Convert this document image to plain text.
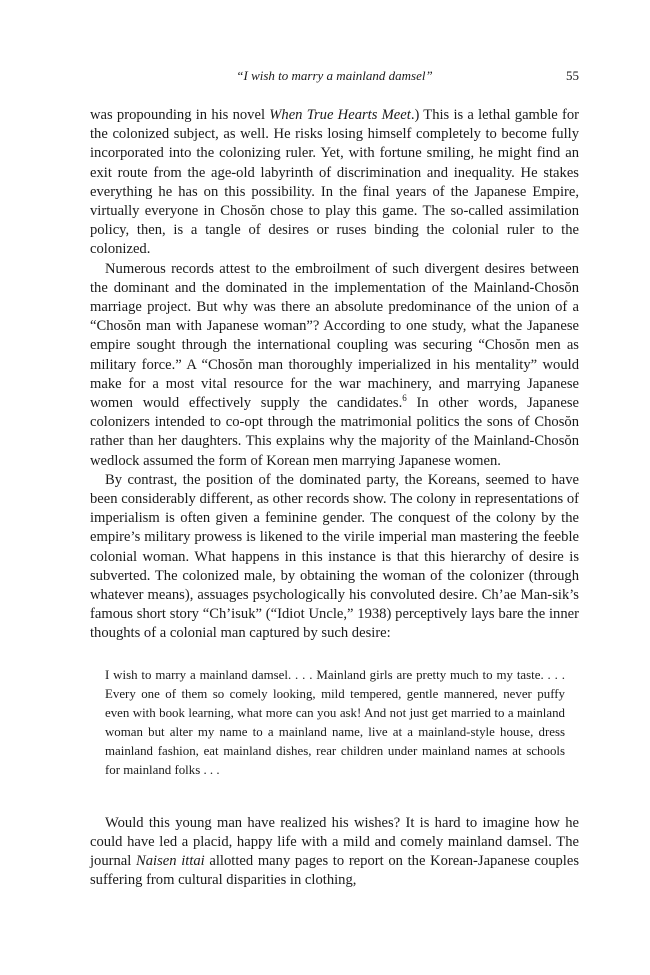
“I wish to marry a mainland damsel”	55

was propounding in his novel When True Hearts Meet.) This is a lethal gamble for the colonized subject, as well. He risks losing himself completely to become fully incorporated into the colonizing ruler. Yet, with fortune smiling, he might find an exit route from the age-old labyrinth of discrimination and inequality. He stakes everything he has on this possibility. In the final years of the Japanese Empire, virtually everyone in Chosŏn chose to play this game. The so-called assimilation policy, then, is a tangle of desires or ruses binding the colonial ruler to the colonized.

Numerous records attest to the embroilment of such divergent desires between the dominant and the dominated in the implementation of the Mainland-Chosŏn marriage project. But why was there an absolute predominance of the union of a “Chosŏn man with Japanese woman”? According to one study, what the Japanese empire sought through the international coupling was securing “Chosŏn men as military force.” A “Chosŏn man thoroughly imperialized in his mentality” would make for a most vital resource for the war machinery, and marrying Japanese women would effectively supply the candidates.$^6$ In other words, Japanese colonizers intended to co-opt through the matrimonial politics the sons of Chosŏn rather than her daughters. This explains why the majority of the Mainland-Chosŏn wedlock assumed the form of Korean men marrying Japanese women.

By contrast, the position of the dominated party, the Koreans, seemed to have been considerably different, as other records show. The colony in representations of imperialism is often given a feminine gender. The conquest of the colony by the empire’s military prowess is likened to the virile imperial man mastering the feeble colonial woman. What happens in this instance is that this hierarchy of desire is subverted. The colonized male, by obtaining the woman of the colonizer (through whatever means), assuages psychologically his convoluted desire. Ch’ae Man-sik’s famous short story “Ch’isuk” (“Idiot Uncle,” 1938) perceptively lays bare the inner thoughts of a colonial man captured by such desire:

I wish to marry a mainland damsel. . . . Mainland girls are pretty much to my taste. . . . Every one of them so comely looking, mild tempered, gentle mannered, never puffy even with book learning, what more can you ask! And not just get married to a mainland woman but alter my name to a mainland name, live at a mainland-style house, dress mainland fashion, eat mainland dishes, rear children under mainland names at schools for mainland folks . . .

Would this young man have realized his wishes? It is hard to imagine how he could have led a placid, happy life with a mild and comely mainland damsel. The journal Naisen ittai allotted many pages to report on the Korean-Japanese couples suffering from cultural disparities in clothing,
